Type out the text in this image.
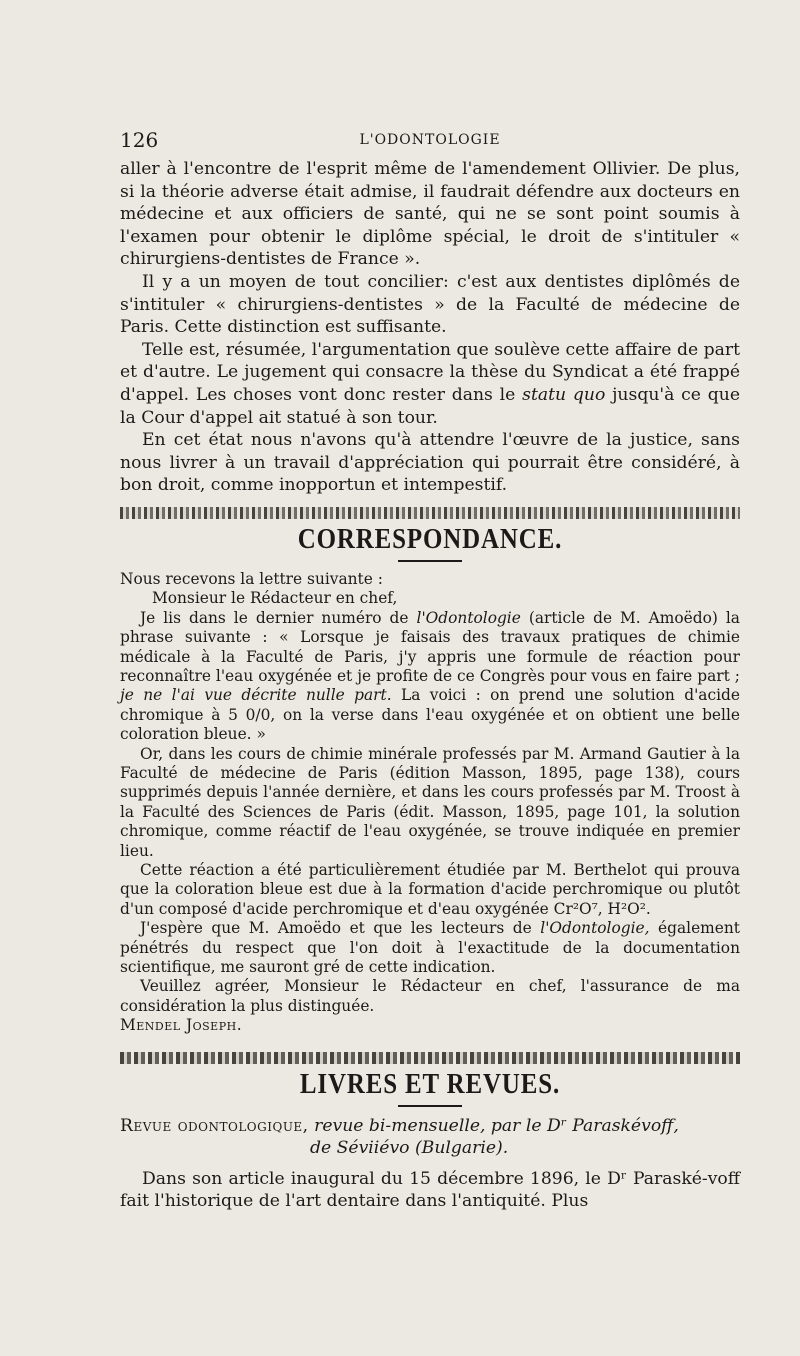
126	L'ODONTOLOGIE

aller à l'encontre de l'esprit même de l'amendement Ollivier. De plus, si la théorie adverse était admise, il faudrait défendre aux docteurs en médecine et aux officiers de santé, qui ne se sont point soumis à l'examen pour obtenir le diplôme spécial, le droit de s'intituler « chirurgiens-dentistes de France ».

Il y a un moyen de tout concilier: c'est aux dentistes diplômés de s'intituler « chirurgiens-dentistes » de la Faculté de médecine de Paris. Cette distinction est suffisante.

Telle est, résumée, l'argumentation que soulève cette affaire de part et d'autre. Le jugement qui consacre la thèse du Syndicat a été frappé d'appel. Les choses vont donc rester dans le statu quo jusqu'à ce que la Cour d'appel ait statué à son tour.

En cet état nous n'avons qu'à attendre l'œuvre de la justice, sans nous livrer à un travail d'appréciation qui pourrait être considéré, à bon droit, comme inopportun et intempestif.

CORRESPONDANCE.

Nous recevons la lettre suivante :

Monsieur le Rédacteur en chef,

Je lis dans le dernier numéro de l'Odontologie (article de M. Amoëdo) la phrase suivante : « Lorsque je faisais des travaux pratiques de chimie médicale à la Faculté de Paris, j'y appris une formule de réaction pour reconnaître l'eau oxygénée et je profite de ce Congrès pour vous en faire part ; je ne l'ai vue décrite nulle part. La voici : on prend une solution d'acide chromique à 5 0/0, on la verse dans l'eau oxygénée et on obtient une belle coloration bleue. »

Or, dans les cours de chimie minérale professés par M. Armand Gautier à la Faculté de médecine de Paris (édition Masson, 1895, page 138), cours supprimés depuis l'année dernière, et dans les cours professés par M. Troost à la Faculté des Sciences de Paris (édit. Masson, 1895, page 101, la solution chromique, comme réactif de l'eau oxygénée, se trouve indiquée en premier lieu.

Cette réaction a été particulièrement étudiée par M. Berthelot qui prouva que la coloration bleue est due à la formation d'acide perchromique ou plutôt d'un composé d'acide perchromique et d'eau oxygénée Cr²O⁷, H²O².

J'espère que M. Amoëdo et que les lecteurs de l'Odontologie, également pénétrés du respect que l'on doit à l'exactitude de la documentation scientifique, me sauront gré de cette indication.

Veuillez agréer, Monsieur le Rédacteur en chef, l'assurance de ma considération la plus distinguée.

Mendel Joseph.

LIVRES ET REVUES.

Revue odontologique, revue bi-mensuelle, par le Dʳ Paraskévoff,

de Séviiévo (Bulgarie).

Dans son article inaugural du 15 décembre 1896, le Dʳ Paraské-voff fait l'historique de l'art dentaire dans l'antiquité. Plus
